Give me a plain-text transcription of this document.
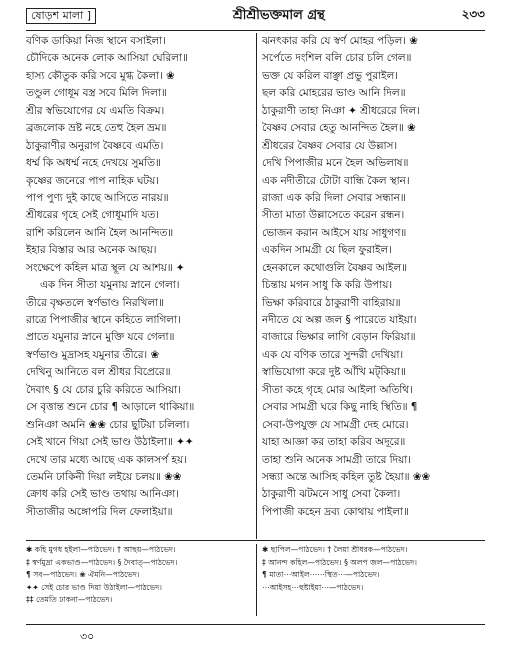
ষোড়শ মালা ]	শ্রীশ্রীভক্তমাল গ্রন্থ	২৩৩
বণিক ডাকিয়া নিজ স্থানে বসাইলা।
চৌদিকে অনেক লোক আসিয়া ঘেরিলা॥
হাস্য কৌতুক করি সবে মুগ্ধ কৈলা। ❀
তণ্ডুল গোধূম বস্ত্র সবে মিলি দিলা॥
শ্রীর স্বভিযোগের যে এমতি বিক্রম।
ব্রজলোক ভ্রষ্ট নহে তেহু হৈল ভ্রম॥
ঠাকুরাণীর অনুরাগ বৈষ্ণবে এমতি।
ধর্ম্ম কি অধর্ম্ম নহে দেখয়ে সুমতি॥
কৃষ্ণের জনেরে পাপ নাহিক ঘটয়।
পাপ পুণ্য দুই কাছে আসিতে নারয়॥
শ্রীধরের গৃহে সেই গোধূমাদি যত।
রাশি করিলেন আনি হৈল আনন্দিত॥
ইহার বিস্তার আর অনেক আছয়।
সংক্ষেপে কহিল মাত্র স্থূল যে আশয়॥ ✦
এক দিন সীতা যমুনায় স্নানে গেলা।
তীরে বৃক্ষতলে স্বর্ণভাণ্ড নিরখিলা॥
রাত্রে পিপাজীর স্থানে কহিতে লাগিলা।
প্রাতে যমুনার স্নানে মুক্তি যবে গেলা॥
স্বর্ণভাণ্ড মুদ্রাসহ যমুনার তীরে। ❀
দেখিনু আনিতে বল শ্রীধর বিপ্রেরে॥
দৈবাৎ § যে চোর চুরি করিতে আসিয়া।
সে বৃত্তান্ত শুনে চোর ¶ আড়ালে থাকিয়া॥
শুনিঞা অমনি ❀❀ চোর ছুটিয়া চলিলা।
সেই খানে গিয়া সেই ভাণ্ড উঠাইলা॥ ✦✦
দেখে তার মধ্যে আছে এক কালসর্প হয়।
তেমনি ঢাকিনী দিয়া লইয়ে চলয়॥ ❀❀
ক্রোধ করি সেই ভাণ্ড তথায় আনিঞা।
সীতাজীর অঙ্গোপরি দিল ফেলাইয়া॥
ঝনৎকার করি যে স্বর্ণ মোহর পড়িল। ❀
সর্পেতে দংশিল বলি চোর চলি গেল॥
ভক্ত যে করিল বাঞ্ছা প্রভু পুরাইল।
ছল করি মোহরের ভাণ্ড আনি দিল॥
ঠাকুরাণী তাহা নিঞা ✦ শ্রীধরেরে দিল।
বৈষ্ণব সেবার হেতু আনন্দিত হৈল॥ ❀
শ্রীধরের বৈষ্ণব সেবার যে উল্লাস।
দেখি পিপাজীর মনে হৈল অভিলাষ॥
এক নদীতীরে টোটা বান্ধি কৈল স্থান।
রাজা এক করি দিলা সেবার সন্ধান॥
সীতা মাতা উল্লাসেতে করেন রন্ধন।
ভোজন করান আইসে যায় সাধুগণ॥
একদিন সামগ্রী যে ছিল ফুরাইল।
হেনকালে কথোগুলি বৈষ্ণব আইল॥
চিন্তায় মগন সাধু কি করি উপায়।
ভিক্ষা করিবারে ঠাকুরাণী বাহিরায়॥
নদীতে যে অল্প জল § পারেতে যাইয়া।
বাজারে ভিক্ষার লাগি বেড়ান ফিরিয়া॥
এক যে বণিক তারে সুন্দরী দেখিয়া।
স্বাভিযোগা করে দুষ্ট আঁখি মট্‌কিয়া॥
সীতা কহে গৃহে মোর আইলা অতিথি।
সেবার সামগ্রী ঘরে কিছু নাহি স্থিতি॥ ¶
সেবা-উপযুক্ত যে সামগ্রী দেহ মোরে।
যাহা আজ্ঞা কর তাহা করিব অদূরে॥
তাহা শুনি অনেক সামগ্রী তারে দিয়া।
সন্ধ্যা অন্তে আসিহ কহিল তুষ্ট হৈয়া॥ ❀❀
ঠাকুরাণী ঝটমনে সাধু সেবা কৈলা।
পিপাজী কহেন দ্রব্য কোথায় পাইলা॥
✱ কহি মুগধ হইলা—পাঠভেদ। † আছয়—পাঠভেদ।
‡ স্বর্ণমুদ্রা একভাণ্ড—পাঠভেদ। § দৈবাত্‌—পাঠভেদ।
¶ সব—পাঠভেদ। ❀ ঐমনি—পাঠভেদ।
✦✦ সেই চোর ভাণ্ড দিয়া উঠাইলা—পাঠভেদ।
‡‡ তেমতি ঢাকনা—পাঠভেদ।
✱ ছাপিল—পাঠভেদ। † লৈয়া শ্রীধরক—পাঠভেদ।
‡ আনন্দ কহিল—পাঠভেদ। § অলপ জল—পাঠভেদ।
¶ মাতা⋯আইল⋯⋯স্থিত⋯—পাঠভেদ।
⋯আইসহ⋯হুষ্টাইয়া⋯—পাঠভেদ।
৩০
